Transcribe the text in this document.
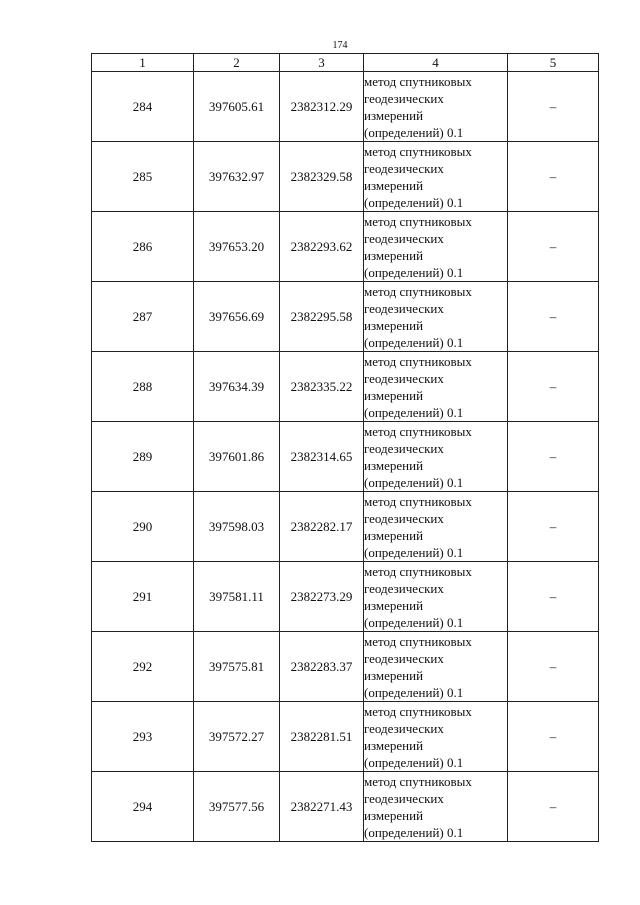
174
1	2	3	4	5
284	397605.61	2382312.29	метод спутниковых
геодезических
измерений
(определений) 0.1	–
285	397632.97	2382329.58	метод спутниковых
геодезических
измерений
(определений) 0.1	–
286	397653.20	2382293.62	метод спутниковых
геодезических
измерений
(определений) 0.1	–
287	397656.69	2382295.58	метод спутниковых
геодезических
измерений
(определений) 0.1	–
288	397634.39	2382335.22	метод спутниковых
геодезических
измерений
(определений) 0.1	–
289	397601.86	2382314.65	метод спутниковых
геодезических
измерений
(определений) 0.1	–
290	397598.03	2382282.17	метод спутниковых
геодезических
измерений
(определений) 0.1	–
291	397581.11	2382273.29	метод спутниковых
геодезических
измерений
(определений) 0.1	–
292	397575.81	2382283.37	метод спутниковых
геодезических
измерений
(определений) 0.1	–
293	397572.27	2382281.51	метод спутниковых
геодезических
измерений
(определений) 0.1	–
294	397577.56	2382271.43	метод спутниковых
геодезических
измерений
(определений) 0.1	–
